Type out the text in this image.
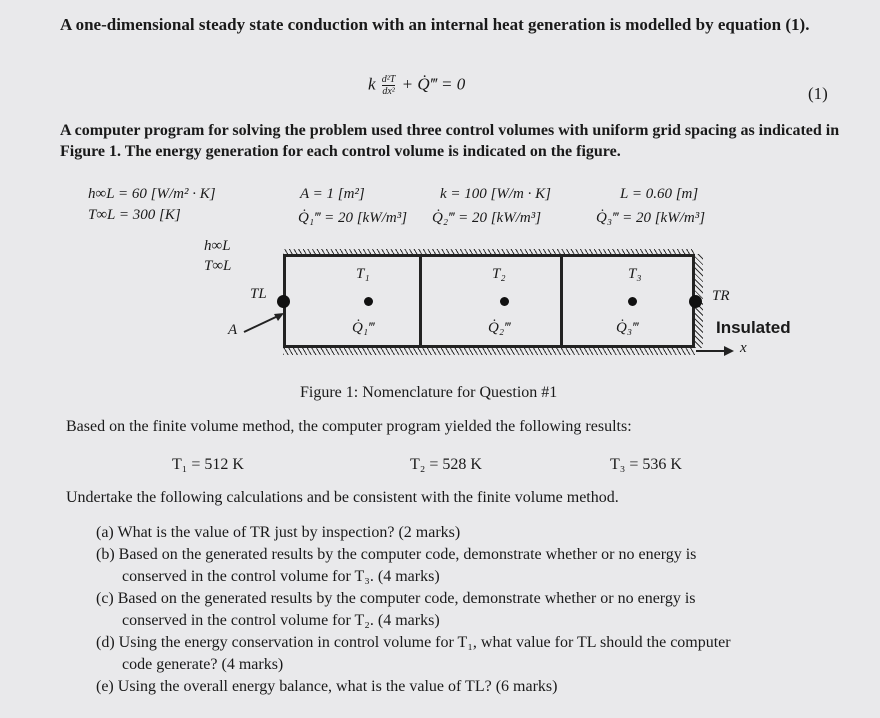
A one-dimensional steady state conduction with an internal heat generation is modelled by equation (1).
k $\frac{\text{d²T}}{\text{dx²}}$ + Q̇‴ = 0
(1)
A computer program for solving the problem used three control volumes with uniform grid spacing as indicated in Figure 1. The energy generation for each control volume is indicated on the figure.
h∞L = 60 [W/m² · K]
T∞L = 300 [K]
A = 1 [m²]	k = 100 [W/m · K]	L = 0.60 [m]
Q̇₁‴ = 20 [kW/m³] Q̇₂‴ = 20 [kW/m³]	Q̇₃‴ = 20 [kW/m³]
h∞L
T∞L
TL
A
T₁	T₂	T₃
Q̇₁‴	Q̇₂‴	Q̇₃‴
TR
Insulated
x
Figure 1: Nomenclature for Question #1
Based on the finite volume method, the computer program yielded the following results:
T₁ = 512 K	T₂ = 528 K	T₃ = 536 K
Undertake the following calculations and be consistent with the finite volume method.
(a) What is the value of TR just by inspection? (2 marks)
(b) Based on the generated results by the computer code, demonstrate whether or no energy is
conserved in the control volume for T₃. (4 marks)
(c) Based on the generated results by the computer code, demonstrate whether or no energy is
conserved in the control volume for T₂. (4 marks)
(d) Using the energy conservation in control volume for T₁, what value for TL should the computer
code generate? (4 marks)
(e) Using the overall energy balance, what is the value of TL? (6 marks)
